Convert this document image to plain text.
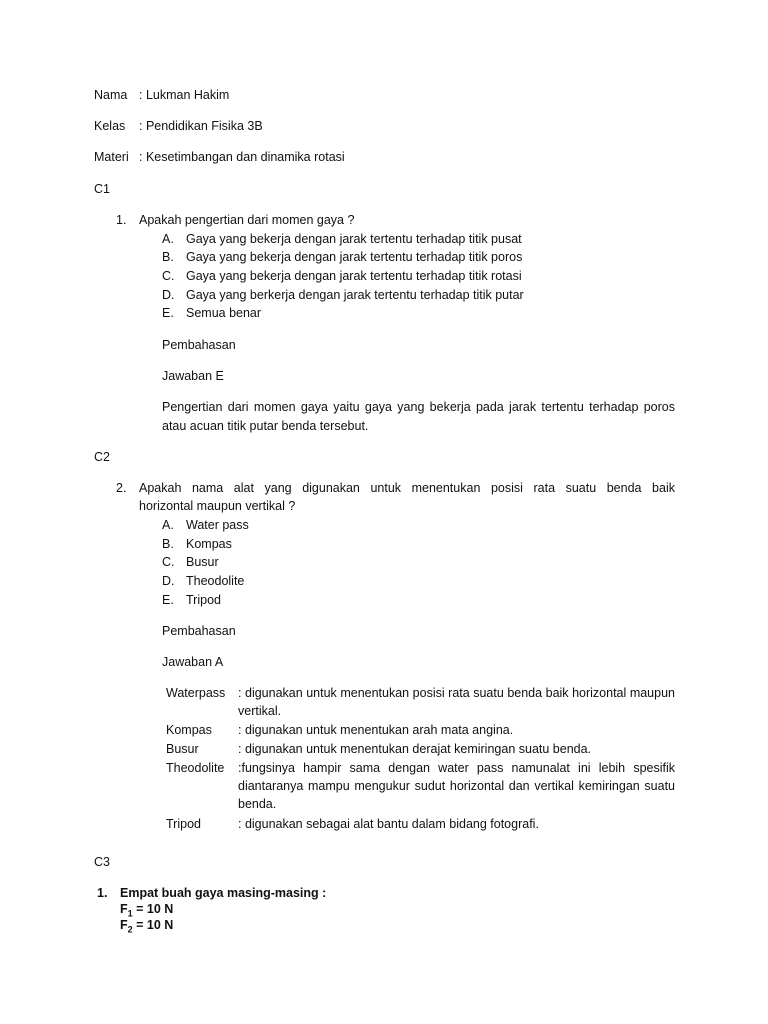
Nama : Lukman Hakim
Kelas : Pendidikan Fisika 3B
Materi : Kesetimbangan dan dinamika rotasi
C1
1. Apakah pengertian dari momen gaya ?
A. Gaya yang bekerja dengan jarak tertentu terhadap titik pusat
B. Gaya yang bekerja dengan jarak tertentu terhadap titik poros
C. Gaya yang bekerja dengan jarak tertentu terhadap titik rotasi
D. Gaya yang berkerja dengan jarak tertentu terhadap titik putar
E. Semua benar
Pembahasan
Jawaban E
Pengertian dari momen gaya yaitu gaya yang bekerja pada jarak tertentu terhadap poros
atau acuan titik putar benda tersebut.
C2
2. Apakah nama alat yang digunakan untuk menentukan posisi rata suatu benda baik
horizontal maupun vertikal ?
A. Water pass
B. Kompas
C. Busur
D. Theodolite
E. Tripod
Pembahasan
Jawaban A
Waterpass : digunakan untuk menentukan posisi rata suatu benda baik horizontal maupun vertikal.
Kompas : digunakan untuk menentukan arah mata angina.
Busur	: digunakan untuk menentukan derajat kemiringan suatu benda.
Theodolite :fungsinya hampir sama dengan water pass namunalat ini lebih spesifik diantaranya mampu mengukur sudut horizontal dan vertikal kemiringan suatu benda.
Tripod	: digunakan sebagai alat bantu dalam bidang fotografi.
C3
1. Empat buah gaya masing-masing :
$F_1 = 10$ N
$F_2 = 10$ N
